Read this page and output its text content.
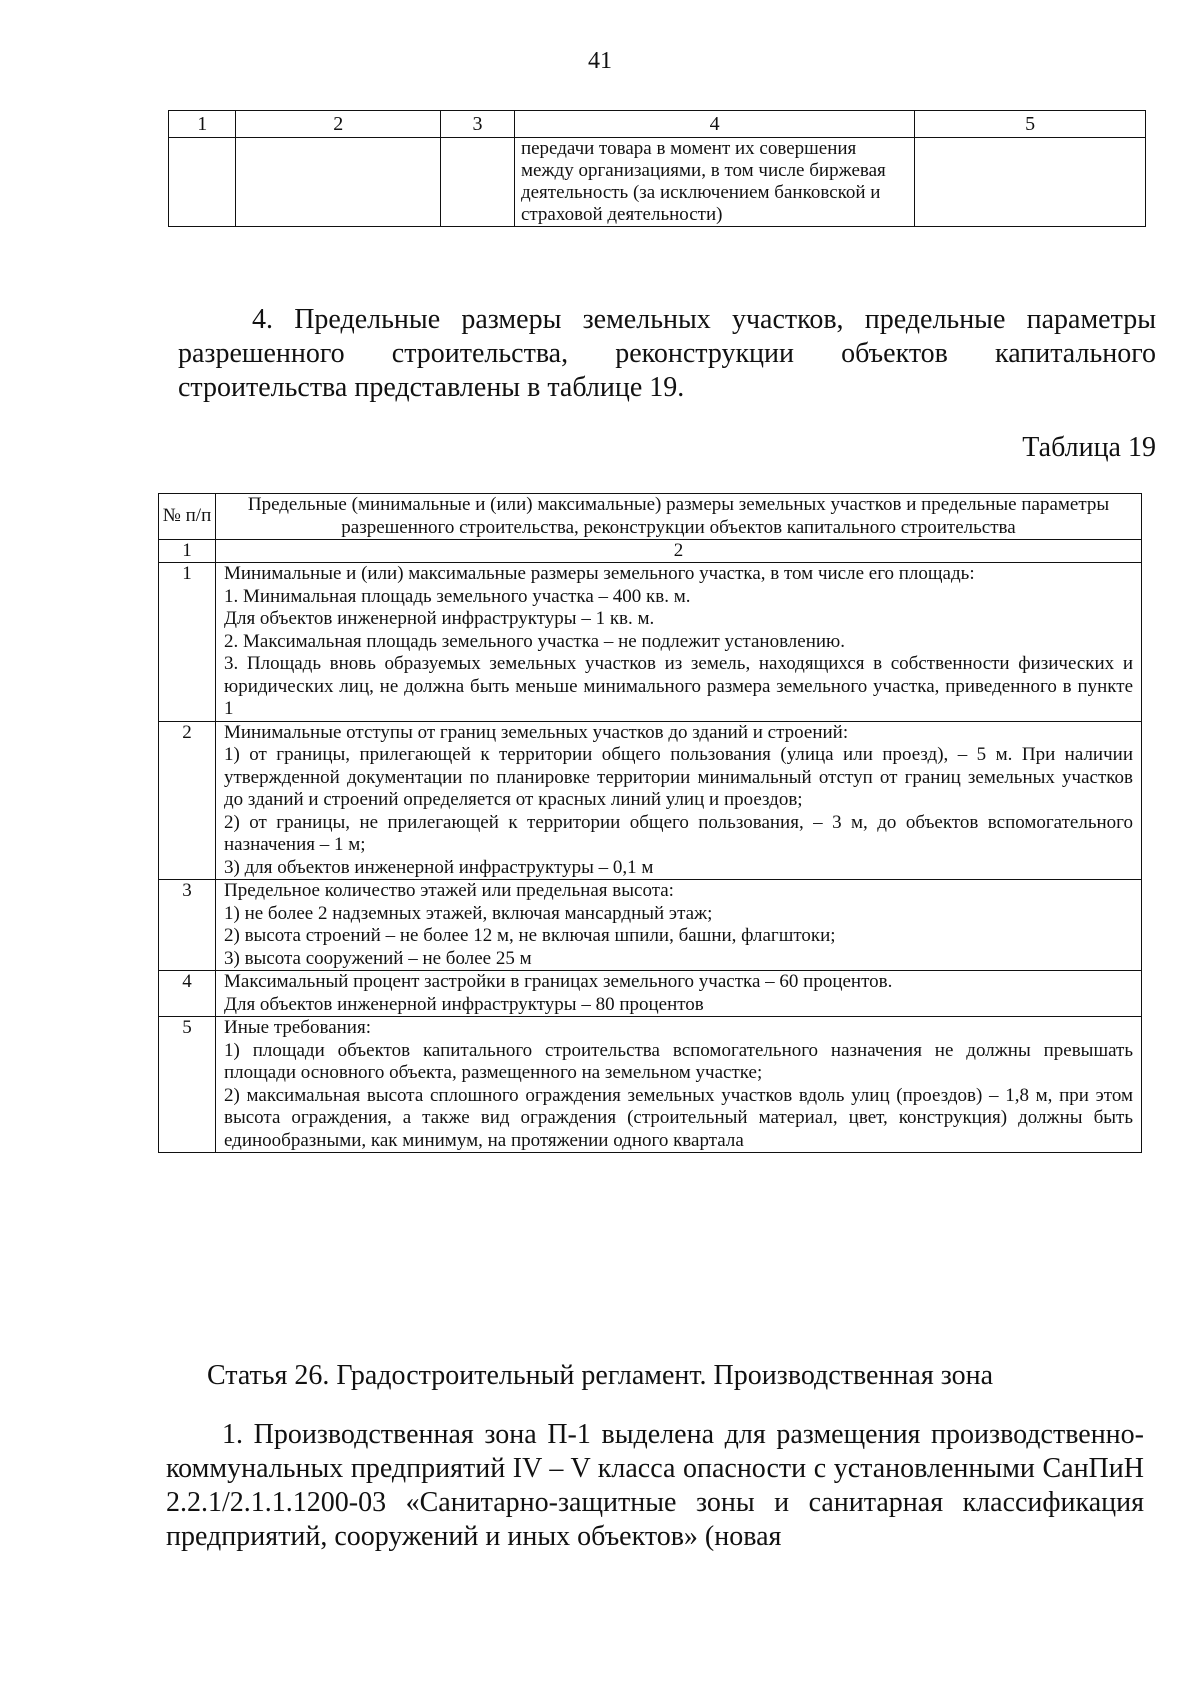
41
1	2	3	4	5
			передачи товара в момент их совершения между организациями, в том числе биржевая деятельность (за исключением банковской и страховой деятельности)	
4. Предельные размеры земельных участков, предельные параметры разрешенного строительства, реконструкции объектов капитального строительства представлены в таблице 19.
Таблица 19
№ п/п	Предельные (минимальные и (или) максимальные) размеры земельных участков и предельные параметры разрешенного строительства, реконструкции объектов капитального строительства
1	2
1	Минимальные и (или) максимальные размеры земельного участка, в том числе его площадь:
1. Минимальная площадь земельного участка – 400 кв. м.
Для объектов инженерной инфраструктуры – 1 кв. м.
2. Максимальная площадь земельного участка – не подлежит установлению.
3. Площадь вновь образуемых земельных участков из земель, находящихся в собственности физических и юридических лиц, не должна быть меньше минимального размера земельного участка, приведенного в пункте 1

2	Минимальные отступы от границ земельных участков до зданий и строений:
1) от границы, прилегающей к территории общего пользования (улица или проезд), – 5 м. При наличии утвержденной документации по планировке территории минимальный отступ от границ земельных участков до зданий и строений определяется от красных линий улиц и проездов;
2) от границы, не прилегающей к территории общего пользования, – 3 м, до объектов вспомогательного назначения – 1 м;
3) для объектов инженерной инфраструктуры – 0,1 м

3	Предельное количество этажей или предельная высота:
1) не более 2 надземных этажей, включая мансардный этаж;
2) высота строений – не более 12 м, не включая шпили, башни, флагштоки;
3) высота сооружений – не более 25 м

4	Максимальный процент застройки в границах земельного участка – 60 процентов.
Для объектов инженерной инфраструктуры – 80 процентов

5	Иные требования:
1) площади объектов капитального строительства вспомогательного назначения не должны превышать площади основного объекта, размещенного на земельном участке;
2) максимальная высота сплошного ограждения земельных участков вдоль улиц (проездов) – 1,8 м, при этом высота ограждения, а также вид ограждения (строительный материал, цвет, конструкция) должны быть единообразными, как минимум, на протяжении одного квартала
Статья 26. Градостроительный регламент. Производственная зона
1. Производственная зона П-1 выделена для размещения производственно-коммунальных предприятий IV – V класса опасности с установленными СанПиН 2.2.1/2.1.1.1200-03 «Санитарно-защитные зоны и санитарная классификация предприятий, сооружений и иных объектов» (новая
